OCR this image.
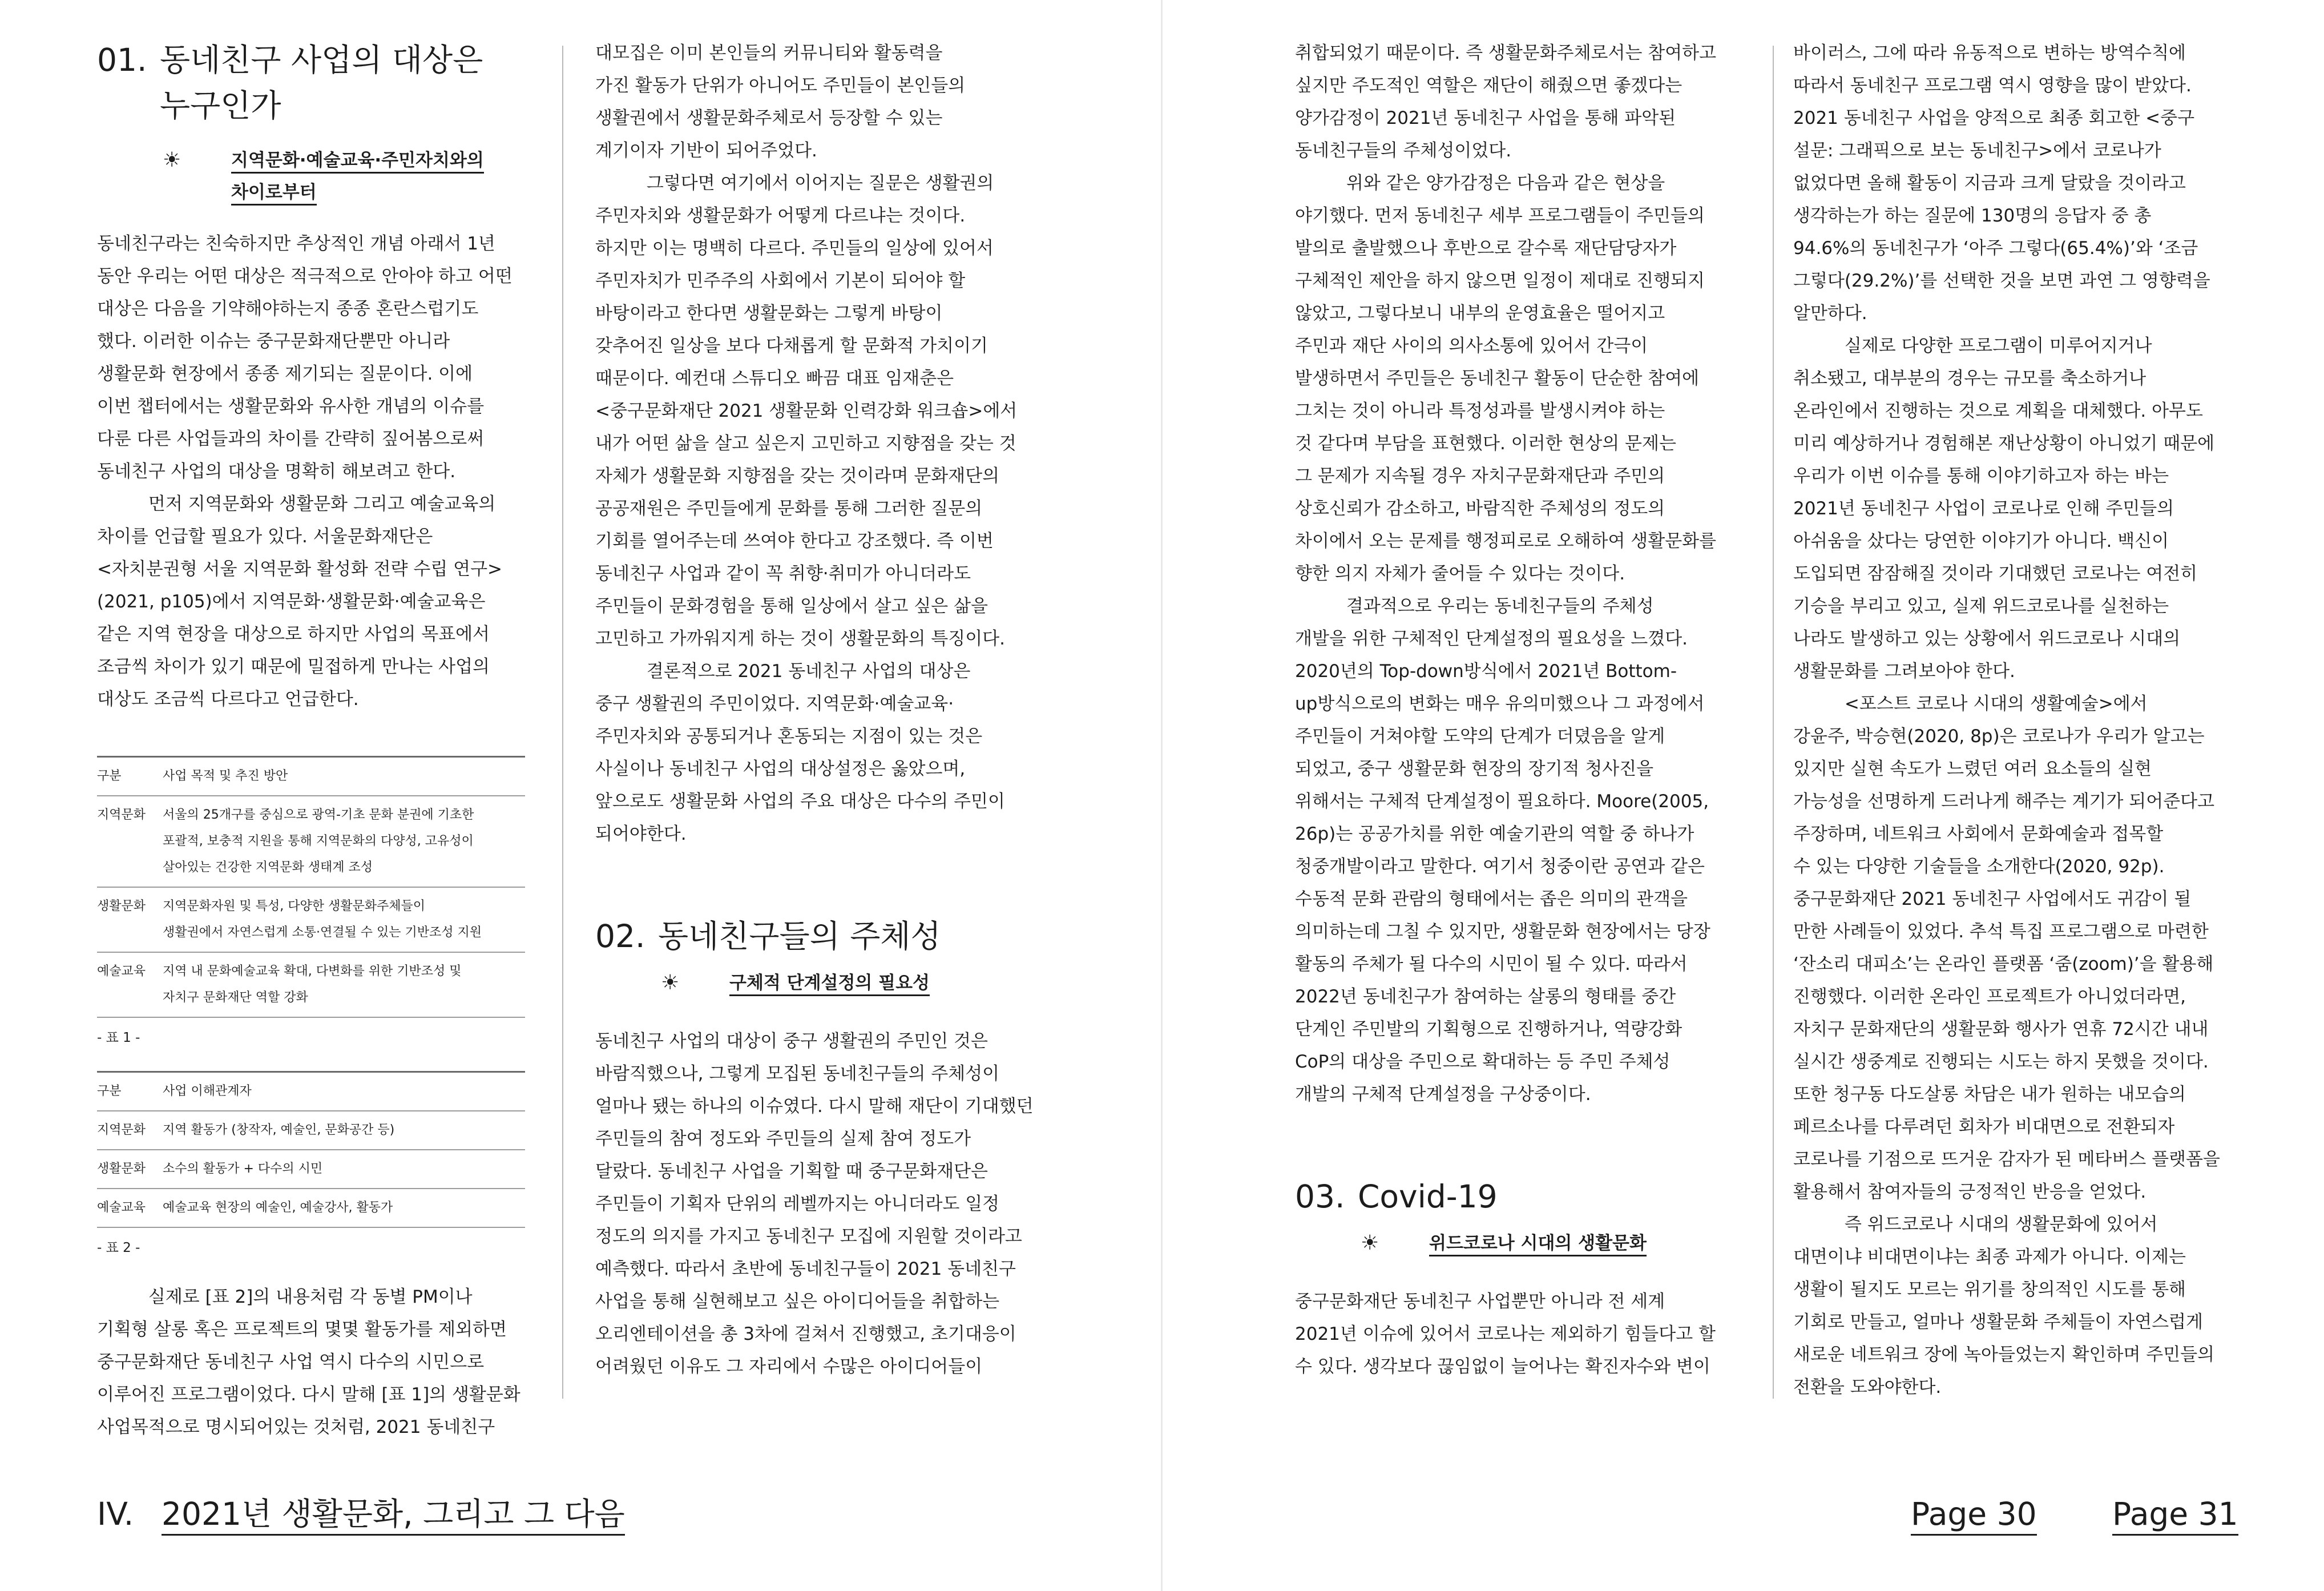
01. 동네친구 사업의 대상은
누구인가
☀	지역문화·예술교육·주민자치와의
차이로부터

동네친구라는 친숙하지만 추상적인 개념 아래서 1년
동안 우리는 어떤 대상은 적극적으로 안아야 하고 어떤
대상은 다음을 기약해야하는지 종종 혼란스럽기도
했다. 이러한 이슈는 중구문화재단뿐만 아니라
생활문화 현장에서 종종 제기되는 질문이다. 이에
이번 챕터에서는 생활문화와 유사한 개념의 이슈를
다룬 다른 사업들과의 차이를 간략히 짚어봄으로써
동네친구 사업의 대상을 명확히 해보려고 한다.

먼저 지역문화와 생활문화 그리고 예술교육의
차이를 언급할 필요가 있다. 서울문화재단은
<자치분권형 서울 지역문화 활성화 전략 수립 연구>
(2021, p105)에서 지역문화·생활문화·예술교육은
같은 지역 현장을 대상으로 하지만 사업의 목표에서
조금씩 차이가 있기 때문에 밀접하게 만나는 사업의
대상도 조금씩 다르다고 언급한다.

구분	사업 목적 및 추진 방안
지역문화	서울의 25개구를 중심으로 광역-기초 문화 분권에 기초한
포괄적, 보충적 지원을 통해 지역문화의 다양성, 고유성이
살아있는 건강한 지역문화 생태계 조성
생활문화	지역문화자원 및 특성, 다양한 생활문화주체들이
생활권에서 자연스럽게 소통·연결될 수 있는 기반조성 지원
예술교육	지역 내 문화예술교육 확대, 다변화를 위한 기반조성 및
자치구 문화재단 역할 강화

- 표 1 -

구분	사업 이해관계자
지역문화	지역 활동가 (창작자, 예술인, 문화공간 등)
생활문화	소수의 활동가 + 다수의 시민
예술교육	예술교육 현장의 예술인, 예술강사, 활동가

- 표 2 -

실제로 [표 2]의 내용처럼 각 동별 PM이나
기획형 살롱 혹은 프로젝트의 몇몇 활동가를 제외하면
중구문화재단 동네친구 사업 역시 다수의 시민으로
이루어진 프로그램이었다. 다시 말해 [표 1]의 생활문화
사업목적으로 명시되어있는 것처럼, 2021 동네친구

대모집은 이미 본인들의 커뮤니티와 활동력을
가진 활동가 단위가 아니어도 주민들이 본인들의
생활권에서 생활문화주체로서 등장할 수 있는
계기이자 기반이 되어주었다.

그렇다면 여기에서 이어지는 질문은 생활권의
주민자치와 생활문화가 어떻게 다르냐는 것이다.
하지만 이는 명백히 다르다. 주민들의 일상에 있어서
주민자치가 민주주의 사회에서 기본이 되어야 할
바탕이라고 한다면 생활문화는 그렇게 바탕이
갖추어진 일상을 보다 다채롭게 할 문화적 가치이기
때문이다. 예컨대 스튜디오 빠끔 대표 임재춘은
<중구문화재단 2021 생활문화 인력강화 워크숍>에서
내가 어떤 삶을 살고 싶은지 고민하고 지향점을 갖는 것
자체가 생활문화 지향점을 갖는 것이라며 문화재단의
공공재원은 주민들에게 문화를 통해 그러한 질문의
기회를 열어주는데 쓰여야 한다고 강조했다. 즉 이번
동네친구 사업과 같이 꼭 취향·취미가 아니더라도
주민들이 문화경험을 통해 일상에서 살고 싶은 삶을
고민하고 가까워지게 하는 것이 생활문화의 특징이다.

결론적으로 2021 동네친구 사업의 대상은
중구 생활권의 주민이었다. 지역문화·예술교육·
주민자치와 공통되거나 혼동되는 지점이 있는 것은
사실이나 동네친구 사업의 대상설정은 옳았으며,
앞으로도 생활문화 사업의 주요 대상은 다수의 주민이
되어야한다.

02. 동네친구들의 주체성
☀	구체적 단계설정의 필요성

동네친구 사업의 대상이 중구 생활권의 주민인 것은
바람직했으나, 그렇게 모집된 동네친구들의 주체성이
얼마나 됐는 하나의 이슈였다. 다시 말해 재단이 기대했던
주민들의 참여 정도와 주민들의 실제 참여 정도가
달랐다. 동네친구 사업을 기획할 때 중구문화재단은
주민들이 기획자 단위의 레벨까지는 아니더라도 일정
정도의 의지를 가지고 동네친구 모집에 지원할 것이라고
예측했다. 따라서 초반에 동네친구들이 2021 동네친구
사업을 통해 실현해보고 싶은 아이디어들을 취합하는
오리엔테이션을 총 3차에 걸쳐서 진행했고, 초기대응이
어려웠던 이유도 그 자리에서 수많은 아이디어들이

IV. 2021년 생활문화, 그리고 그 다음

취합되었기 때문이다. 즉 생활문화주체로서는 참여하고
싶지만 주도적인 역할은 재단이 해줬으면 좋겠다는
양가감정이 2021년 동네친구 사업을 통해 파악된
동네친구들의 주체성이었다.

위와 같은 양가감정은 다음과 같은 현상을
야기했다. 먼저 동네친구 세부 프로그램들이 주민들의
발의로 출발했으나 후반으로 갈수록 재단담당자가
구체적인 제안을 하지 않으면 일정이 제대로 진행되지
않았고, 그렇다보니 내부의 운영효율은 떨어지고
주민과 재단 사이의 의사소통에 있어서 간극이
발생하면서 주민들은 동네친구 활동이 단순한 참여에
그치는 것이 아니라 특정성과를 발생시켜야 하는
것 같다며 부담을 표현했다. 이러한 현상의 문제는
그 문제가 지속될 경우 자치구문화재단과 주민의
상호신뢰가 감소하고, 바람직한 주체성의 정도의
차이에서 오는 문제를 행정피로로 오해하여 생활문화를
향한 의지 자체가 줄어들 수 있다는 것이다.

결과적으로 우리는 동네친구들의 주체성
개발을 위한 구체적인 단계설정의 필요성을 느꼈다.
2020년의 Top-down방식에서 2021년 Bottom-
up방식으로의 변화는 매우 유의미했으나 그 과정에서
주민들이 거쳐야할 도약의 단계가 더뎠음을 알게
되었고, 중구 생활문화 현장의 장기적 청사진을
위해서는 구체적 단계설정이 필요하다. Moore(2005,
26p)는 공공가치를 위한 예술기관의 역할 중 하나가
청중개발이라고 말한다. 여기서 청중이란 공연과 같은
수동적 문화 관람의 형태에서는 좁은 의미의 관객을
의미하는데 그칠 수 있지만, 생활문화 현장에서는 당장
활동의 주체가 될 다수의 시민이 될 수 있다. 따라서
2022년 동네친구가 참여하는 살롱의 형태를 중간
단계인 주민발의 기획형으로 진행하거나, 역량강화
CoP의 대상을 주민으로 확대하는 등 주민 주체성
개발의 구체적 단계설정을 구상중이다.

03. Covid-19
☀	위드코로나 시대의 생활문화

중구문화재단 동네친구 사업뿐만 아니라 전 세계
2021년 이슈에 있어서 코로나는 제외하기 힘들다고 할
수 있다. 생각보다 끊임없이 늘어나는 확진자수와 변이

바이러스, 그에 따라 유동적으로 변하는 방역수칙에
따라서 동네친구 프로그램 역시 영향을 많이 받았다.
2021 동네친구 사업을 양적으로 최종 회고한 <중구
설문: 그래픽으로 보는 동네친구>에서 코로나가
없었다면 올해 활동이 지금과 크게 달랐을 것이라고
생각하는가 하는 질문에 130명의 응답자 중 총
94.6%의 동네친구가 ‘아주 그렇다(65.4%)’와 ‘조금
그렇다(29.2%)’를 선택한 것을 보면 과연 그 영향력을
알만하다.

실제로 다양한 프로그램이 미루어지거나
취소됐고, 대부분의 경우는 규모를 축소하거나
온라인에서 진행하는 것으로 계획을 대체했다. 아무도
미리 예상하거나 경험해본 재난상황이 아니었기 때문에
우리가 이번 이슈를 통해 이야기하고자 하는 바는
2021년 동네친구 사업이 코로나로 인해 주민들의
아쉬움을 샀다는 당연한 이야기가 아니다. 백신이
도입되면 잠잠해질 것이라 기대했던 코로나는 여전히
기승을 부리고 있고, 실제 위드코로나를 실천하는
나라도 발생하고 있는 상황에서 위드코로나 시대의
생활문화를 그려보아야 한다.

<포스트 코로나 시대의 생활예술>에서
강윤주, 박승현(2020, 8p)은 코로나가 우리가 알고는
있지만 실현 속도가 느렸던 여러 요소들의 실현
가능성을 선명하게 드러나게 해주는 계기가 되어준다고
주장하며, 네트워크 사회에서 문화예술과 접목할
수 있는 다양한 기술들을 소개한다(2020, 92p).
중구문화재단 2021 동네친구 사업에서도 귀감이 될
만한 사례들이 있었다. 추석 특집 프로그램으로 마련한
‘잔소리 대피소’는 온라인 플랫폼 ‘줌(zoom)’을 활용해
진행했다. 이러한 온라인 프로젝트가 아니었더라면,
자치구 문화재단의 생활문화 행사가 연휴 72시간 내내
실시간 생중계로 진행되는 시도는 하지 못했을 것이다.
또한 청구동 다도살롱 차담은 내가 원하는 내모습의
페르소나를 다루려던 회차가 비대면으로 전환되자
코로나를 기점으로 뜨거운 감자가 된 메타버스 플랫폼을
활용해서 참여자들의 긍정적인 반응을 얻었다.

즉 위드코로나 시대의 생활문화에 있어서
대면이냐 비대면이냐는 최종 과제가 아니다. 이제는
생활이 될지도 모르는 위기를 창의적인 시도를 통해
기회로 만들고, 얼마나 생활문화 주체들이 자연스럽게
새로운 네트워크 장에 녹아들었는지 확인하며 주민들의
전환을 도와야한다.

Page 30 Page 31
